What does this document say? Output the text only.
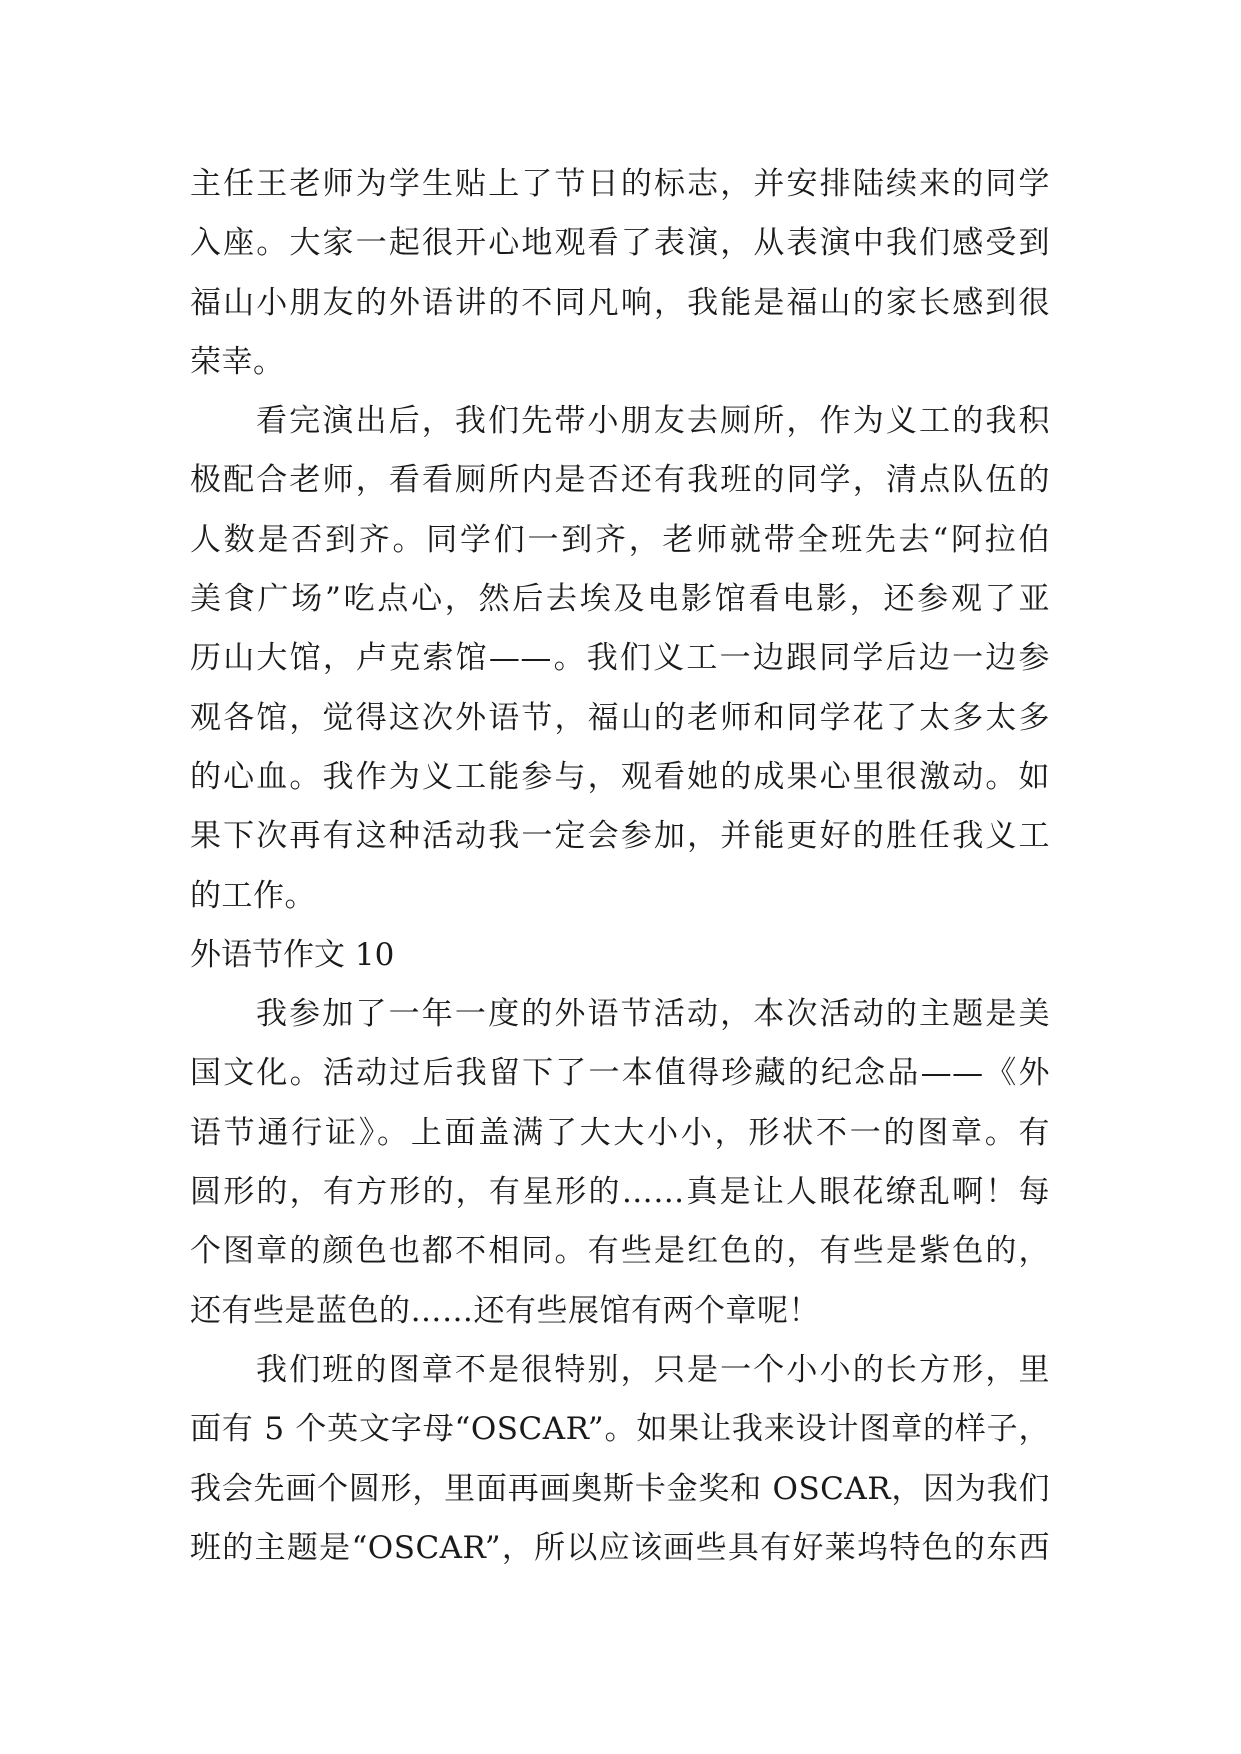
主任王老师为学生贴上了节日的标志，并安排陆续来的同学
入座。大家一起很开心地观看了表演，从表演中我们感受到
福山小朋友的外语讲的不同凡响，我能是福山的家长感到很
荣幸。
看完演出后，我们先带小朋友去厕所，作为义工的我积
极配合老师，看看厕所内是否还有我班的同学，清点队伍的
人数是否到齐。同学们一到齐，老师就带全班先去“阿拉伯
美食广场”吃点心，然后去埃及电影馆看电影，还参观了亚
历山大馆，卢克索馆——。我们义工一边跟同学后边一边参
观各馆，觉得这次外语节，福山的老师和同学花了太多太多
的心血。我作为义工能参与，观看她的成果心里很激动。如
果下次再有这种活动我一定会参加，并能更好的胜任我义工
的工作。
外语节作文 10
我参加了一年一度的外语节活动，本次活动的主题是美
国文化。活动过后我留下了一本值得珍藏的纪念品——《外
语节通行证》。上面盖满了大大小小，形状不一的图章。有
圆形的，有方形的，有星形的……真是让人眼花缭乱啊！每
个图章的颜色也都不相同。有些是红色的，有些是紫色的，
还有些是蓝色的……还有些展馆有两个章呢！
我们班的图章不是很特别，只是一个小小的长方形，里
面有 5 个英文字母“OSCAR”。如果让我来设计图章的样子，
我会先画个圆形，里面再画奥斯卡金奖和 OSCAR，因为我们
班的主题是“OSCAR”，所以应该画些具有好莱坞特色的东西
